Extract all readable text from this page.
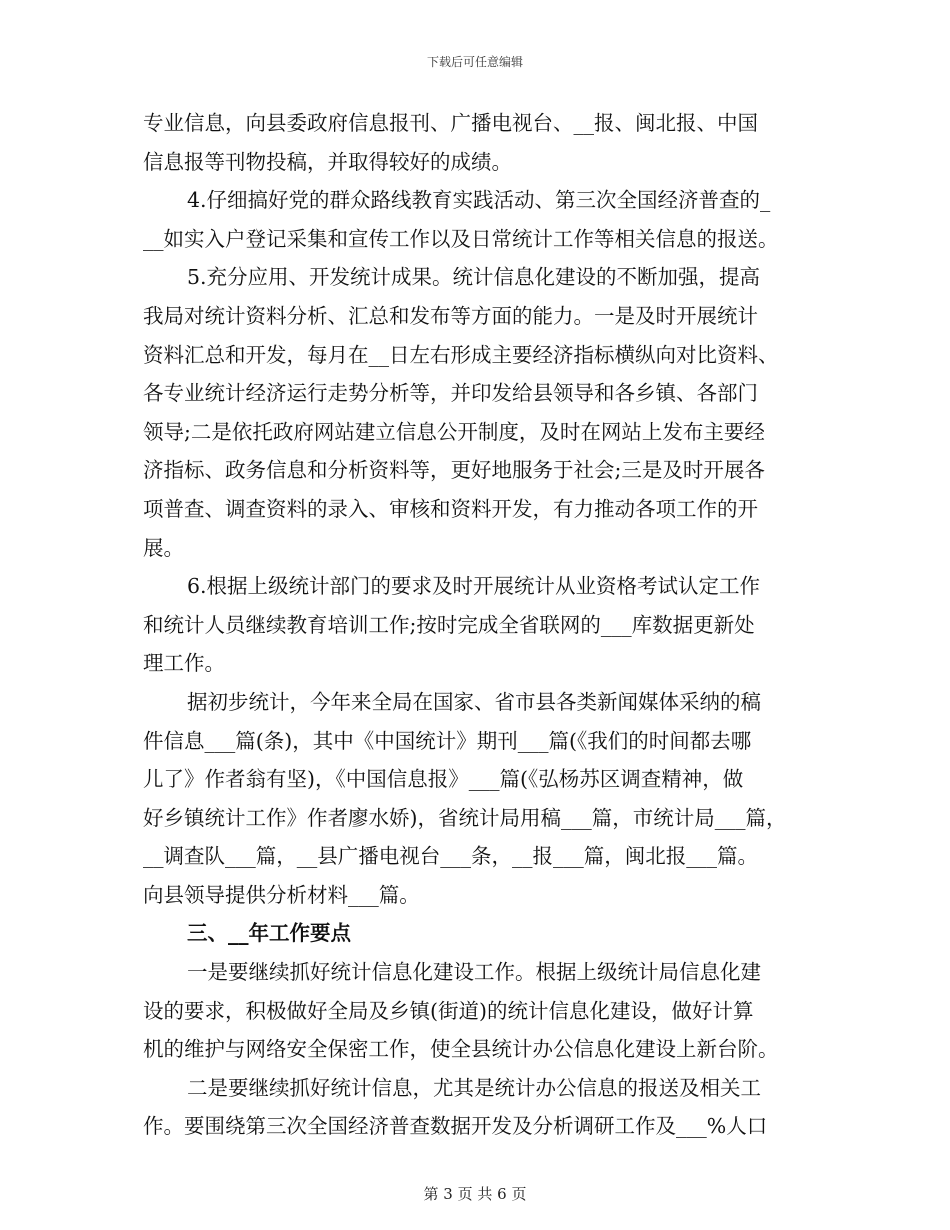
下载后可任意编辑
专业信息，向县委政府信息报刊、广播电视台、__报、闽北报、中国
信息报等刊物投稿，并取得较好的成绩。
4.仔细搞好党的群众路线教育实践活动、第三次全国经济普查的_
__如实入户登记采集和宣传工作以及日常统计工作等相关信息的报送。
5.充分应用、开发统计成果。统计信息化建设的不断加强，提高
我局对统计资料分析、汇总和发布等方面的能力。一是及时开展统计
资料汇总和开发，每月在__日左右形成主要经济指标横纵向对比资料、
各专业统计经济运行走势分析等，并印发给县领导和各乡镇、各部门
领导;二是依托政府网站建立信息公开制度，及时在网站上发布主要经
济指标、政务信息和分析资料等，更好地服务于社会;三是及时开展各
项普查、调查资料的录入、审核和资料开发，有力推动各项工作的开
展。
6.根据上级统计部门的要求及时开展统计从业资格考试认定工作
和统计人员继续教育培训工作;按时完成全省联网的___库数据更新处
理工作。
据初步统计，今年来全局在国家、省市县各类新闻媒体采纳的稿
件信息___篇(条)，其中《中国统计》期刊___篇(《我们的时间都去哪
儿了》作者翁有坚)，《中国信息报》___篇(《弘杨苏区调查精神，做
好乡镇统计工作》作者廖水娇)，省统计局用稿___篇，市统计局___篇，
__调查队___篇，__县广播电视台___条，__报___篇，闽北报___篇。
向县领导提供分析材料___篇。
三、__年工作要点
一是要继续抓好统计信息化建设工作。根据上级统计局信息化建
设的要求，积极做好全局及乡镇(街道)的统计信息化建设，做好计算
机的维护与网络安全保密工作，使全县统计办公信息化建设上新台阶。
二是要继续抓好统计信息，尤其是统计办公信息的报送及相关工
作。要围绕第三次全国经济普查数据开发及分析调研工作及___%人口
第 3 页 共 6 页
